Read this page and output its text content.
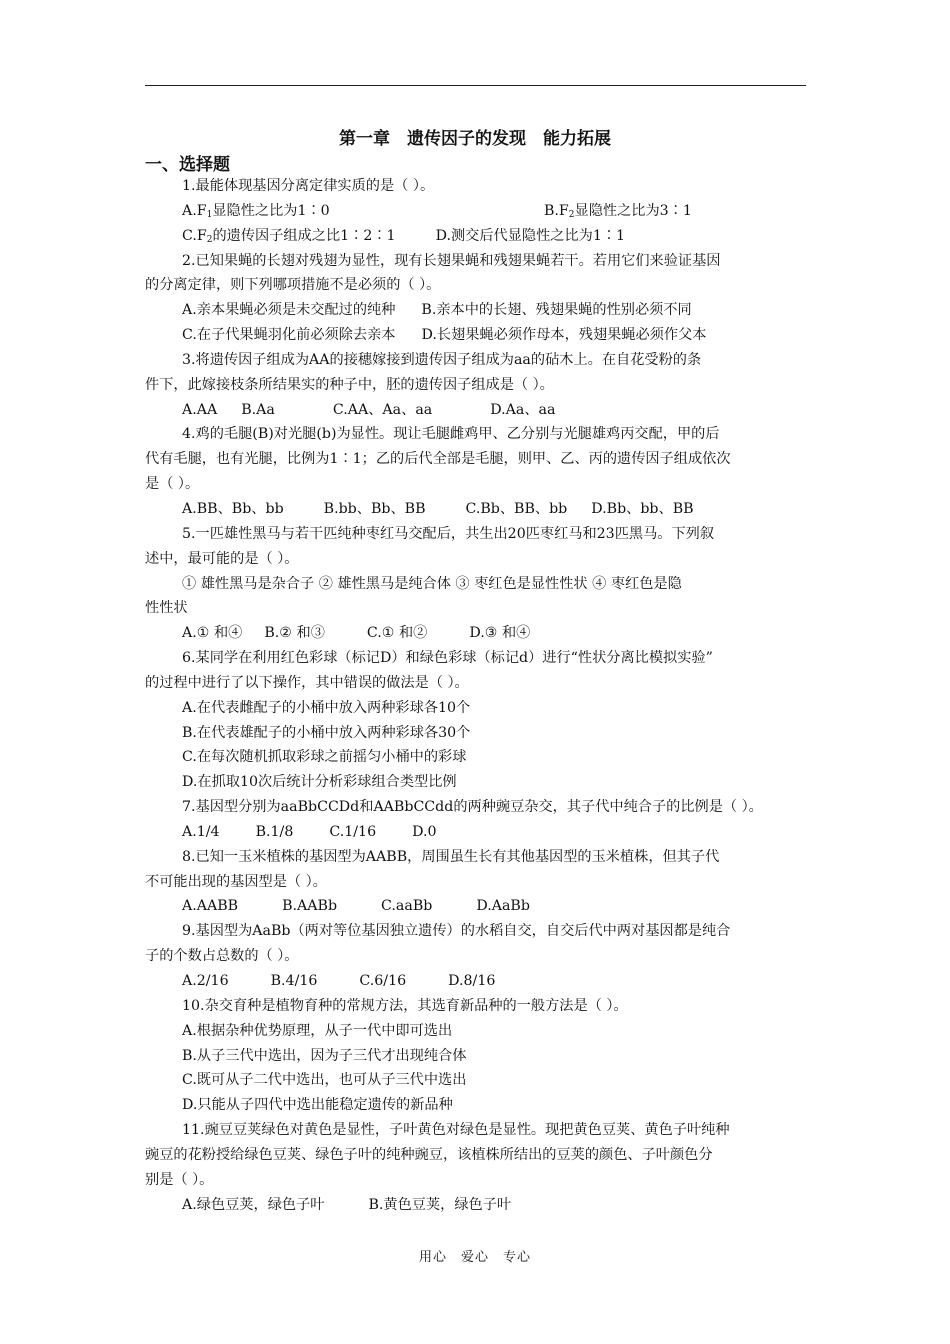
第一章　遗传因子的发现　能力拓展
一、选择题
1.最能体现基因分离定律实质的是（ ）。
$A.F_1$显隐性之比为1∶0	$B.F_2$显隐性之比为3∶1
$C.F_2$的遗传因子组成之比1∶2∶1	D.测交后代显隐性之比为1∶1
2.已知果蝇的长翅对残翅为显性，现有长翅果蝇和残翅果蝇若干。若用它们来验证基因
的分离定律，则下列哪项措施不是必须的（ ）。
A.亲本果蝇必须是未交配过的纯种 B.亲本中的长翅、残翅果蝇的性别必须不同
C.在子代果蝇羽化前必须除去亲本 D.长翅果蝇必须作母本，残翅果蝇必须作父本
3.将遗传因子组成为AA的接穗嫁接到遗传因子组成为aa的砧木上。在自花受粉的条
件下，此嫁接枝条所结果实的种子中，胚的遗传因子组成是（ ）。
A.AA B.Aa	C.AA、Aa、aa	D.Aa、aa
4.鸡的毛腿(B)对光腿(b)为显性。现让毛腿雌鸡甲、乙分别与光腿雄鸡丙交配，甲的后
代有毛腿，也有光腿，比例为1∶1；乙的后代全部是毛腿，则甲、乙、丙的遗传因子组成依次
是（ ）。
A.BB、Bb、bb	B.bb、Bb、BB	C.Bb、BB、bb D.Bb、bb、BB
5.一匹雄性黑马与若干匹纯种枣红马交配后，共生出20匹枣红马和23匹黑马。下列叙
述中，最可能的是（ ）。
① 雄性黑马是杂合子 ② 雄性黑马是纯合体 ③ 枣红色是显性性状 ④ 枣红色是隐
性性状
A.① 和④ B.② 和③	C.① 和②	D.③ 和④
6.某同学在利用红色彩球（标记D）和绿色彩球（标记d）进行“性状分离比模拟实验”
的过程中进行了以下操作，其中错误的做法是（ ）。
A.在代表雌配子的小桶中放入两种彩球各10个
B.在代表雄配子的小桶中放入两种彩球各30个
C.在每次随机抓取彩球之前摇匀小桶中的彩球
D.在抓取10次后统计分析彩球组合类型比例
7.基因型分别为aaBbCCDd和AABbCCdd的两种豌豆杂交，其子代中纯合子的比例是（ ）。
A.1/4	B.1/8	C.1/16	D.0
8.已知一玉米植株的基因型为AABB，周围虽生长有其他基因型的玉米植株，但其子代
不可能出现的基因型是（ ）。
A.AABB	B.AABb	C.aaBb	D.AaBb
9.基因型为AaBb（两对等位基因独立遗传）的水稻自交，自交后代中两对基因都是纯合
子的个数占总数的（ ）。
A.2/16	B.4/16	C.6/16	D.8/16
10.杂交育种是植物育种的常规方法，其选育新品种的一般方法是（ ）。
A.根据杂种优势原理，从子一代中即可选出
B.从子三代中选出，因为子三代才出现纯合体
C.既可从子二代中选出，也可从子三代中选出
D.只能从子四代中选出能稳定遗传的新品种
11.豌豆豆荚绿色对黄色是显性，子叶黄色对绿色是显性。现把黄色豆荚、黄色子叶纯种
豌豆的花粉授给绿色豆荚、绿色子叶的纯种豌豆，该植株所结出的豆荚的颜色、子叶颜色分
别是（ ）。
A.绿色豆荚，绿色子叶	B.黄色豆荚，绿色子叶
用心　爱心　专心
